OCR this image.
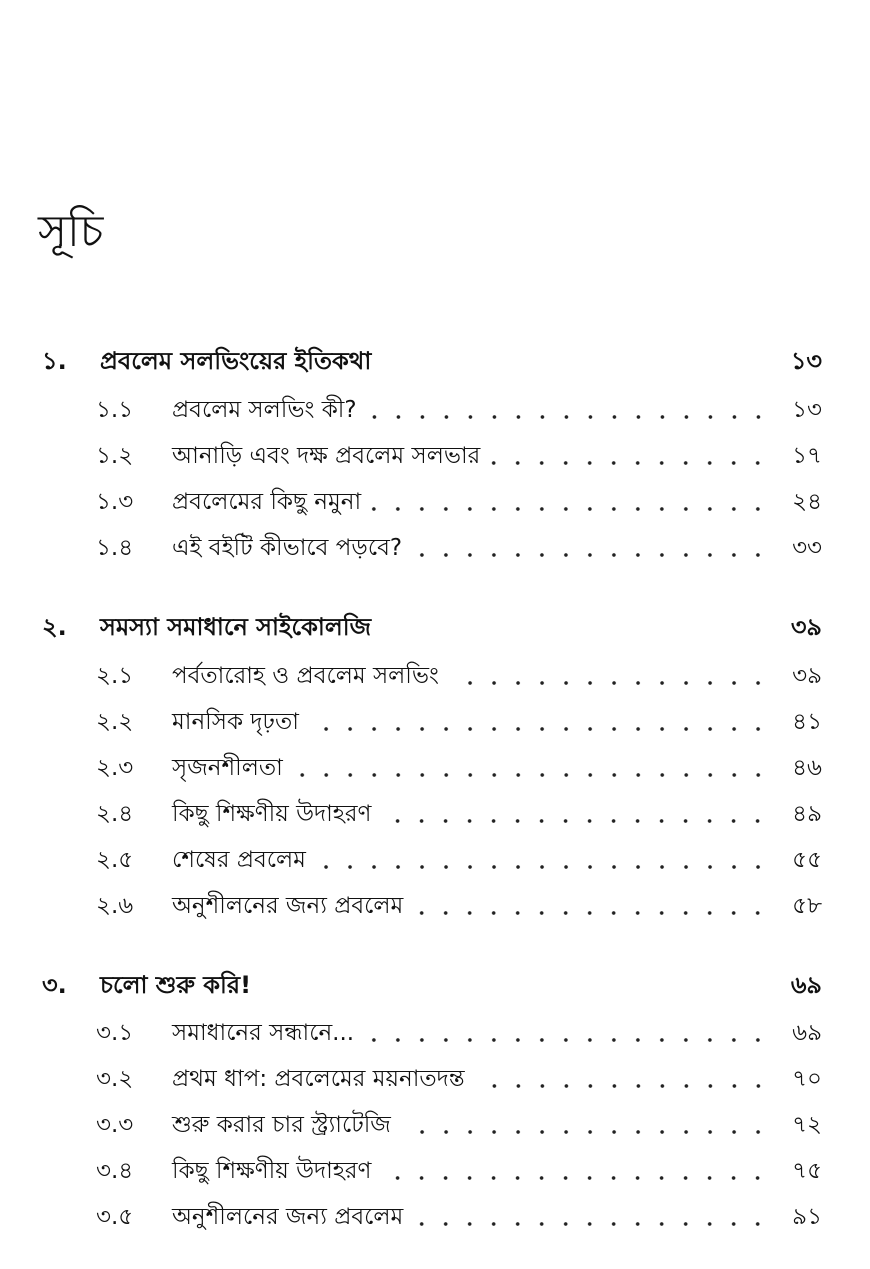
সূচি
১.	প্রবলেম সলভিংয়ের ইতিকথা	১৩
১.১	প্রবলেম সলভিং কী?	১৩
১.২	আনাড়ি এবং দক্ষ প্রবলেম সলভার	১৭
১.৩	প্রবলেমের কিছু নমুনা	২৪
১.৪	এই বইটি কীভাবে পড়বে?	৩৩
২.	সমস্যা সমাধানে সাইকোলজি	৩৯
২.১	পর্বতারোহ ও প্রবলেম সলভিং	৩৯
২.২	মানসিক দৃঢ়তা	৪১
২.৩	সৃজনশীলতা	৪৬
২.৪	কিছু শিক্ষণীয় উদাহরণ	৪৯
২.৫	শেষের প্রবলেম	৫৫
২.৬	অনুশীলনের জন্য প্রবলেম	৫৮
৩.	চলো শুরু করি!	৬৯
৩.১	সমাধানের সন্ধানে...	৬৯
৩.২	প্রথম ধাপ: প্রবলেমের ময়নাতদন্ত	৭০
৩.৩	শুরু করার চার স্ট্র্যাটেজি	৭২
৩.৪	কিছু শিক্ষণীয় উদাহরণ	৭৫
৩.৫	অনুশীলনের জন্য প্রবলেম	৯১
